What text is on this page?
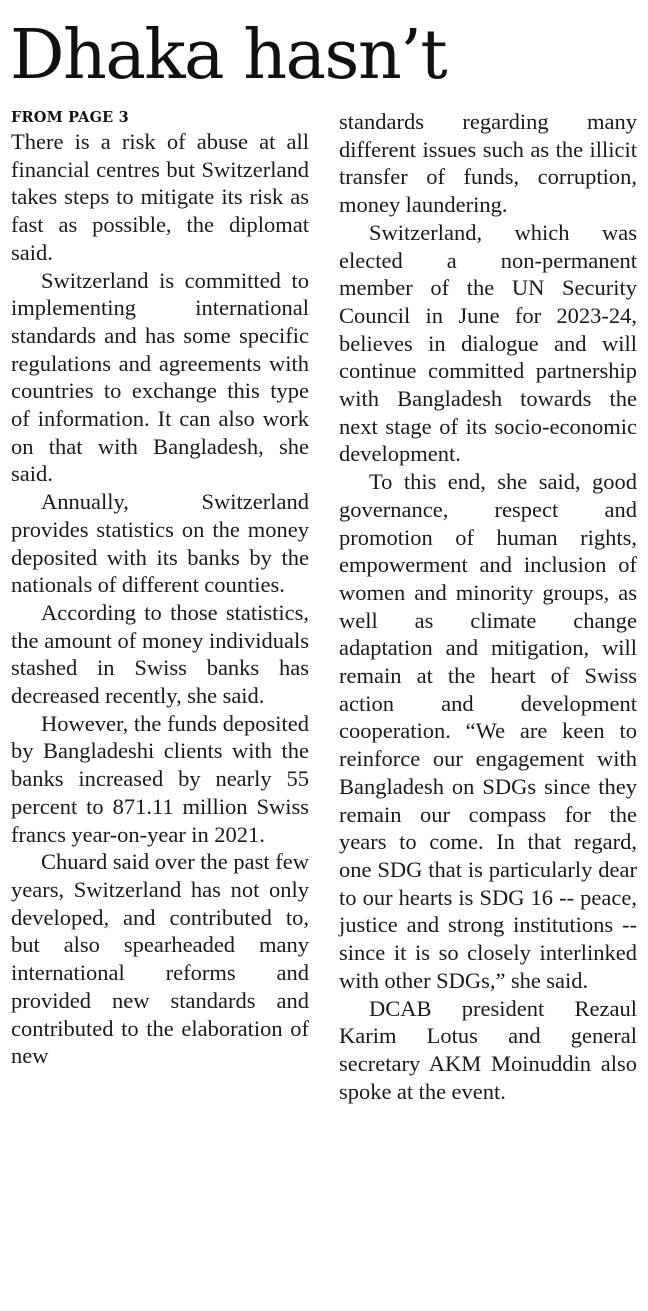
Dhaka hasn’t
FROM PAGE 3

There is a risk of abuse at all financial centres but Switzerland takes steps to mitigate its risk as fast as possible, the diplomat said.

Switzerland is committed to implementing international standards and has some specific regulations and agreements with countries to exchange this type of information. It can also work on that with Bangladesh, she said.

Annually, Switzerland provides statistics on the money deposited with its banks by the nationals of different counties.

According to those statistics, the amount of money individuals stashed in Swiss banks has decreased recently, she said.

However, the funds deposited by Bangladeshi clients with the banks increased by nearly 55 percent to 871.11 million Swiss francs year-on-year in 2021.

Chuard said over the past few years, Switzerland has not only developed, and contributed to, but also spearheaded many international reforms and provided new standards and contributed to the elaboration of new

standards regarding many different issues such as the illicit transfer of funds, corruption, money laundering.

Switzerland, which was elected a non-permanent member of the UN Security Council in June for 2023-24, believes in dialogue and will continue committed partnership with Bangladesh towards the next stage of its socio-economic development.

To this end, she said, good governance, respect and promotion of human rights, empowerment and inclusion of women and minority groups, as well as climate change adaptation and mitigation, will remain at the heart of Swiss action and development cooperation. “We are keen to reinforce our engagement with Bangladesh on SDGs since they remain our compass for the years to come. In that regard, one SDG that is particularly dear to our hearts is SDG 16 -- peace, justice and strong institutions -- since it is so closely interlinked with other SDGs,” she said.

DCAB president Rezaul Karim Lotus and general secretary AKM Moinuddin also spoke at the event.
